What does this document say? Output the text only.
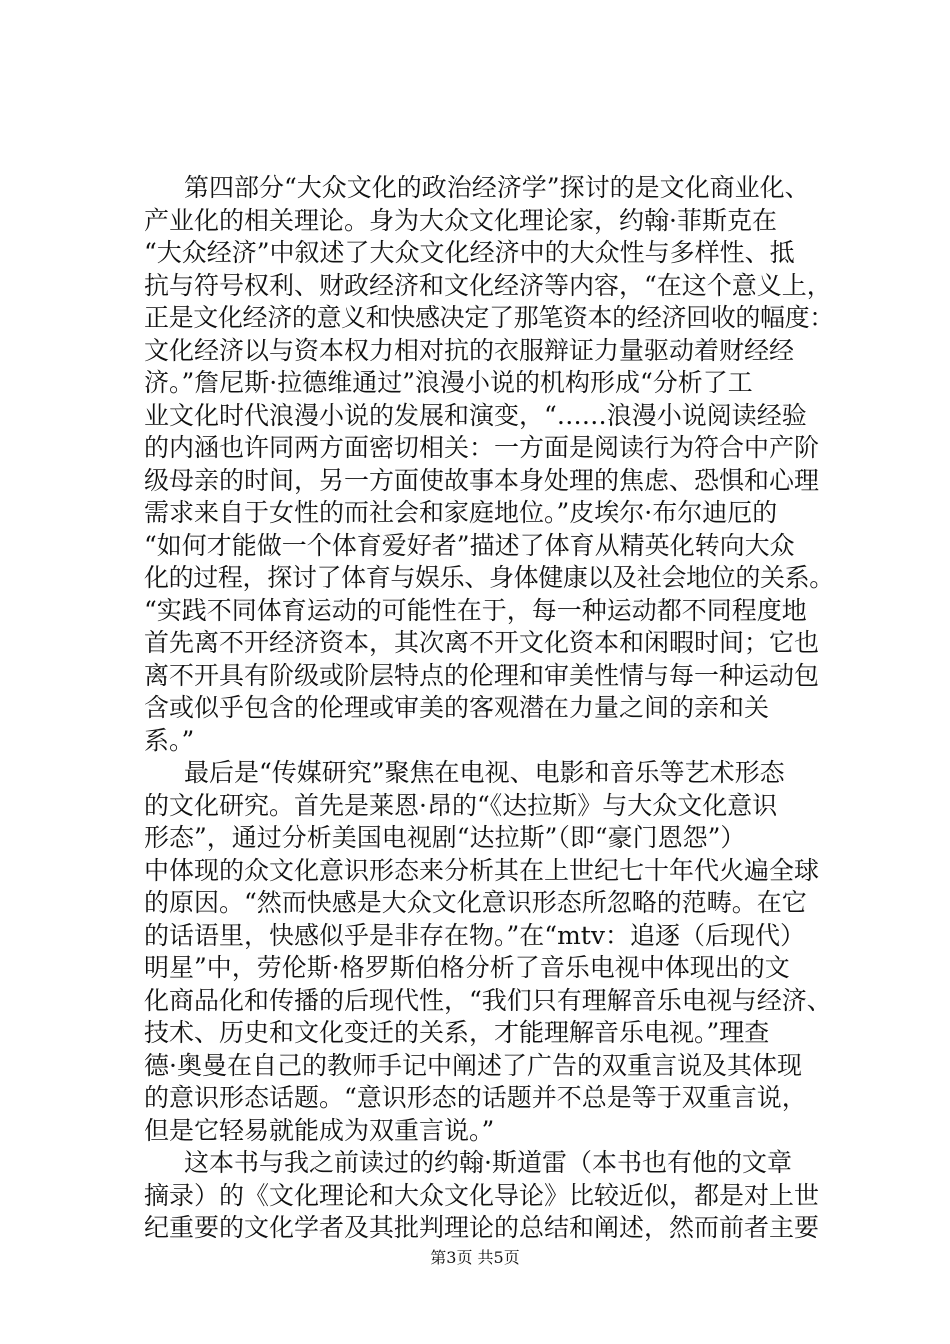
第四部分“大众文化的政治经济学”探讨的是文化商业化、
产业化的相关理论。身为大众文化理论家，约翰·菲斯克在
“大众经济”中叙述了大众文化经济中的大众性与多样性、抵
抗与符号权利、财政经济和文化经济等内容，“在这个意义上，
正是文化经济的意义和快感决定了那笔资本的经济回收的幅度：
文化经济以与资本权力相对抗的衣服辩证力量驱动着财经经
济。”詹尼斯·拉德维通过”浪漫小说的机构形成“分析了工
业文化时代浪漫小说的发展和演变，“……浪漫小说阅读经验
的内涵也许同两方面密切相关：一方面是阅读行为符合中产阶
级母亲的时间，另一方面使故事本身处理的焦虑、恐惧和心理
需求来自于女性的而社会和家庭地位。”皮埃尔·布尔迪厄的
“如何才能做一个体育爱好者”描述了体育从精英化转向大众
化的过程，探讨了体育与娱乐、身体健康以及社会地位的关系。
“实践不同体育运动的可能性在于，每一种运动都不同程度地
首先离不开经济资本，其次离不开文化资本和闲暇时间；它也
离不开具有阶级或阶层特点的伦理和审美性情与每一种运动包
含或似乎包含的伦理或审美的客观潜在力量之间的亲和关
系。”
最后是“传媒研究”聚焦在电视、电影和音乐等艺术形态
的文化研究。首先是莱恩·昂的“《达拉斯》与大众文化意识
形态”，通过分析美国电视剧“达拉斯”（即“豪门恩怨”）
中体现的众文化意识形态来分析其在上世纪七十年代火遍全球
的原因。“然而快感是大众文化意识形态所忽略的范畴。在它
的话语里，快感似乎是非存在物。”在“mtv：追逐（后现代）
明星”中，劳伦斯·格罗斯伯格分析了音乐电视中体现出的文
化商品化和传播的后现代性，“我们只有理解音乐电视与经济、
技术、历史和文化变迁的关系，才能理解音乐电视。”理查
德·奥曼在自己的教师手记中阐述了广告的双重言说及其体现
的意识形态话题。“意识形态的话题并不总是等于双重言说，
但是它轻易就能成为双重言说。”
这本书与我之前读过的约翰·斯道雷（本书也有他的文章
摘录）的《文化理论和大众文化导论》比较近似，都是对上世
纪重要的文化学者及其批判理论的总结和阐述，然而前者主要
第3页 共5页
